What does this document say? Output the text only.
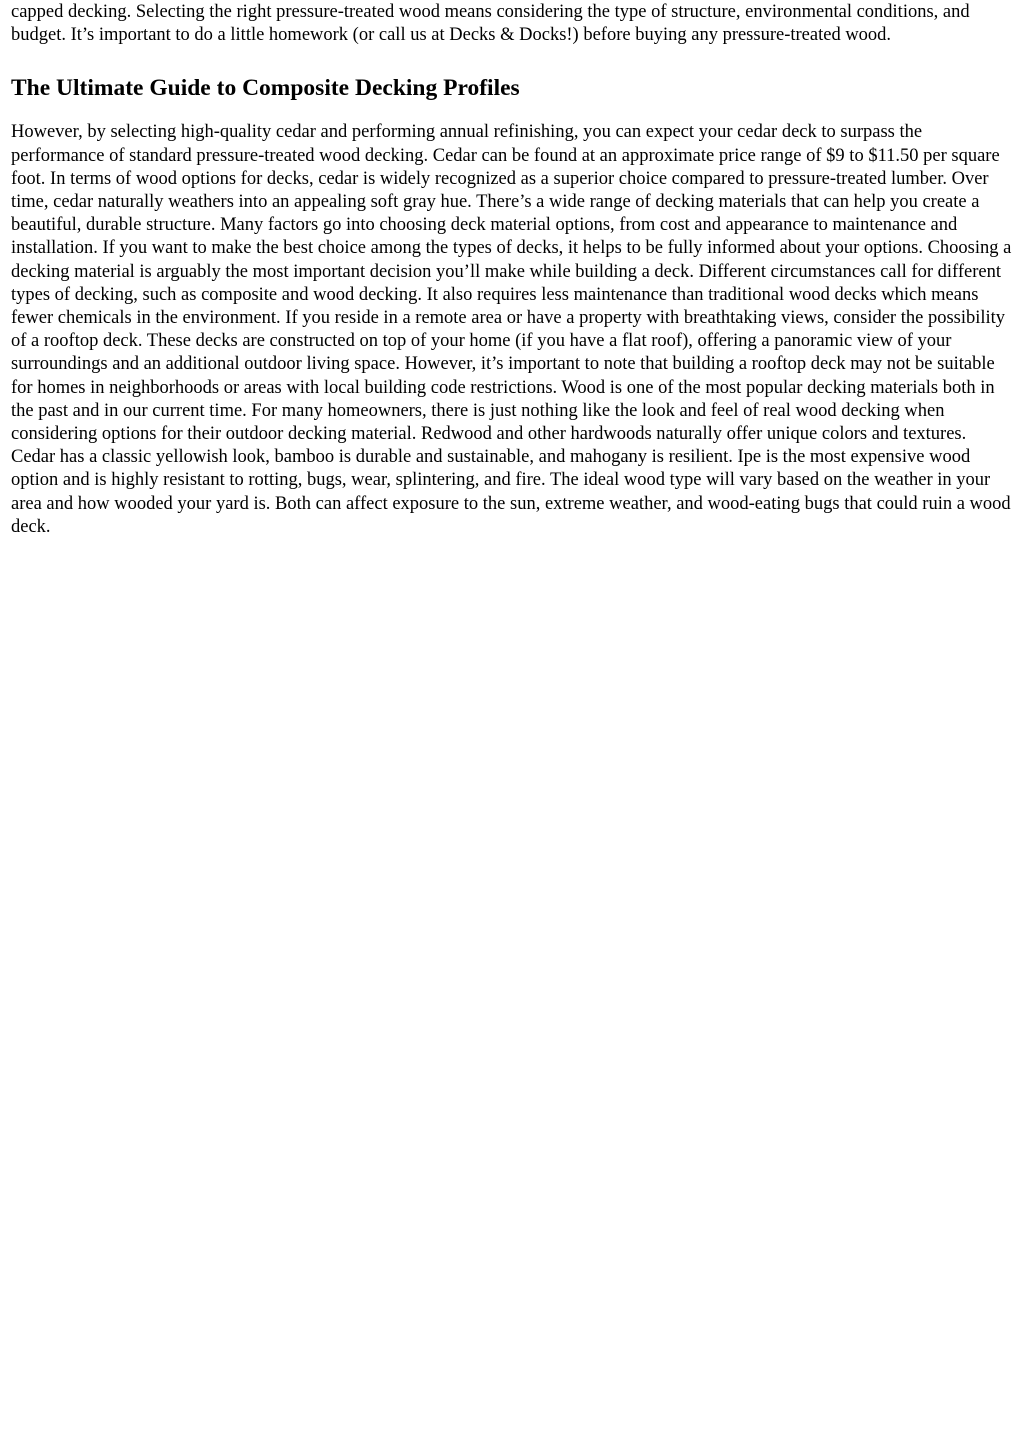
capped decking. Selecting the right pressure-treated wood means considering the type of structure, environmental conditions, and budget. It’s important to do a little homework (or call us at Decks & Docks!) before buying any pressure-treated wood.

The Ultimate Guide to Composite Decking Profiles

However, by selecting high-quality cedar and performing annual refinishing, you can expect your cedar deck to surpass the performance of standard pressure-treated wood decking. Cedar can be found at an approximate price range of $9 to $11.50 per square foot. In terms of wood options for decks, cedar is widely recognized as a superior choice compared to pressure-treated lumber. Over time, cedar naturally weathers into an appealing soft gray hue. There’s a wide range of decking materials that can help you create a beautiful, durable structure. Many factors go into choosing deck material options, from cost and appearance to maintenance and installation. If you want to make the best choice among the types of decks, it helps to be fully informed about your options. Choosing a decking material is arguably the most important decision you’ll make while building a deck. Different circumstances call for different types of decking, such as composite and wood decking. It also requires less maintenance than traditional wood decks which means fewer chemicals in the environment. If you reside in a remote area or have a property with breathtaking views, consider the possibility of a rooftop deck. These decks are constructed on top of your home (if you have a flat roof), offering a panoramic view of your surroundings and an additional outdoor living space. However, it’s important to note that building a rooftop deck may not be suitable for homes in neighborhoods or areas with local building code restrictions. Wood is one of the most popular decking materials both in the past and in our current time. For many homeowners, there is just nothing like the look and feel of real wood decking when considering options for their outdoor decking material. Redwood and other hardwoods naturally offer unique colors and textures. Cedar has a classic yellowish look, bamboo is durable and sustainable, and mahogany is resilient. Ipe is the most expensive wood option and is highly resistant to rotting, bugs, wear, splintering, and fire. The ideal wood type will vary based on the weather in your area and how wooded your yard is. Both can affect exposure to the sun, extreme weather, and wood-eating bugs that could ruin a wood deck.
